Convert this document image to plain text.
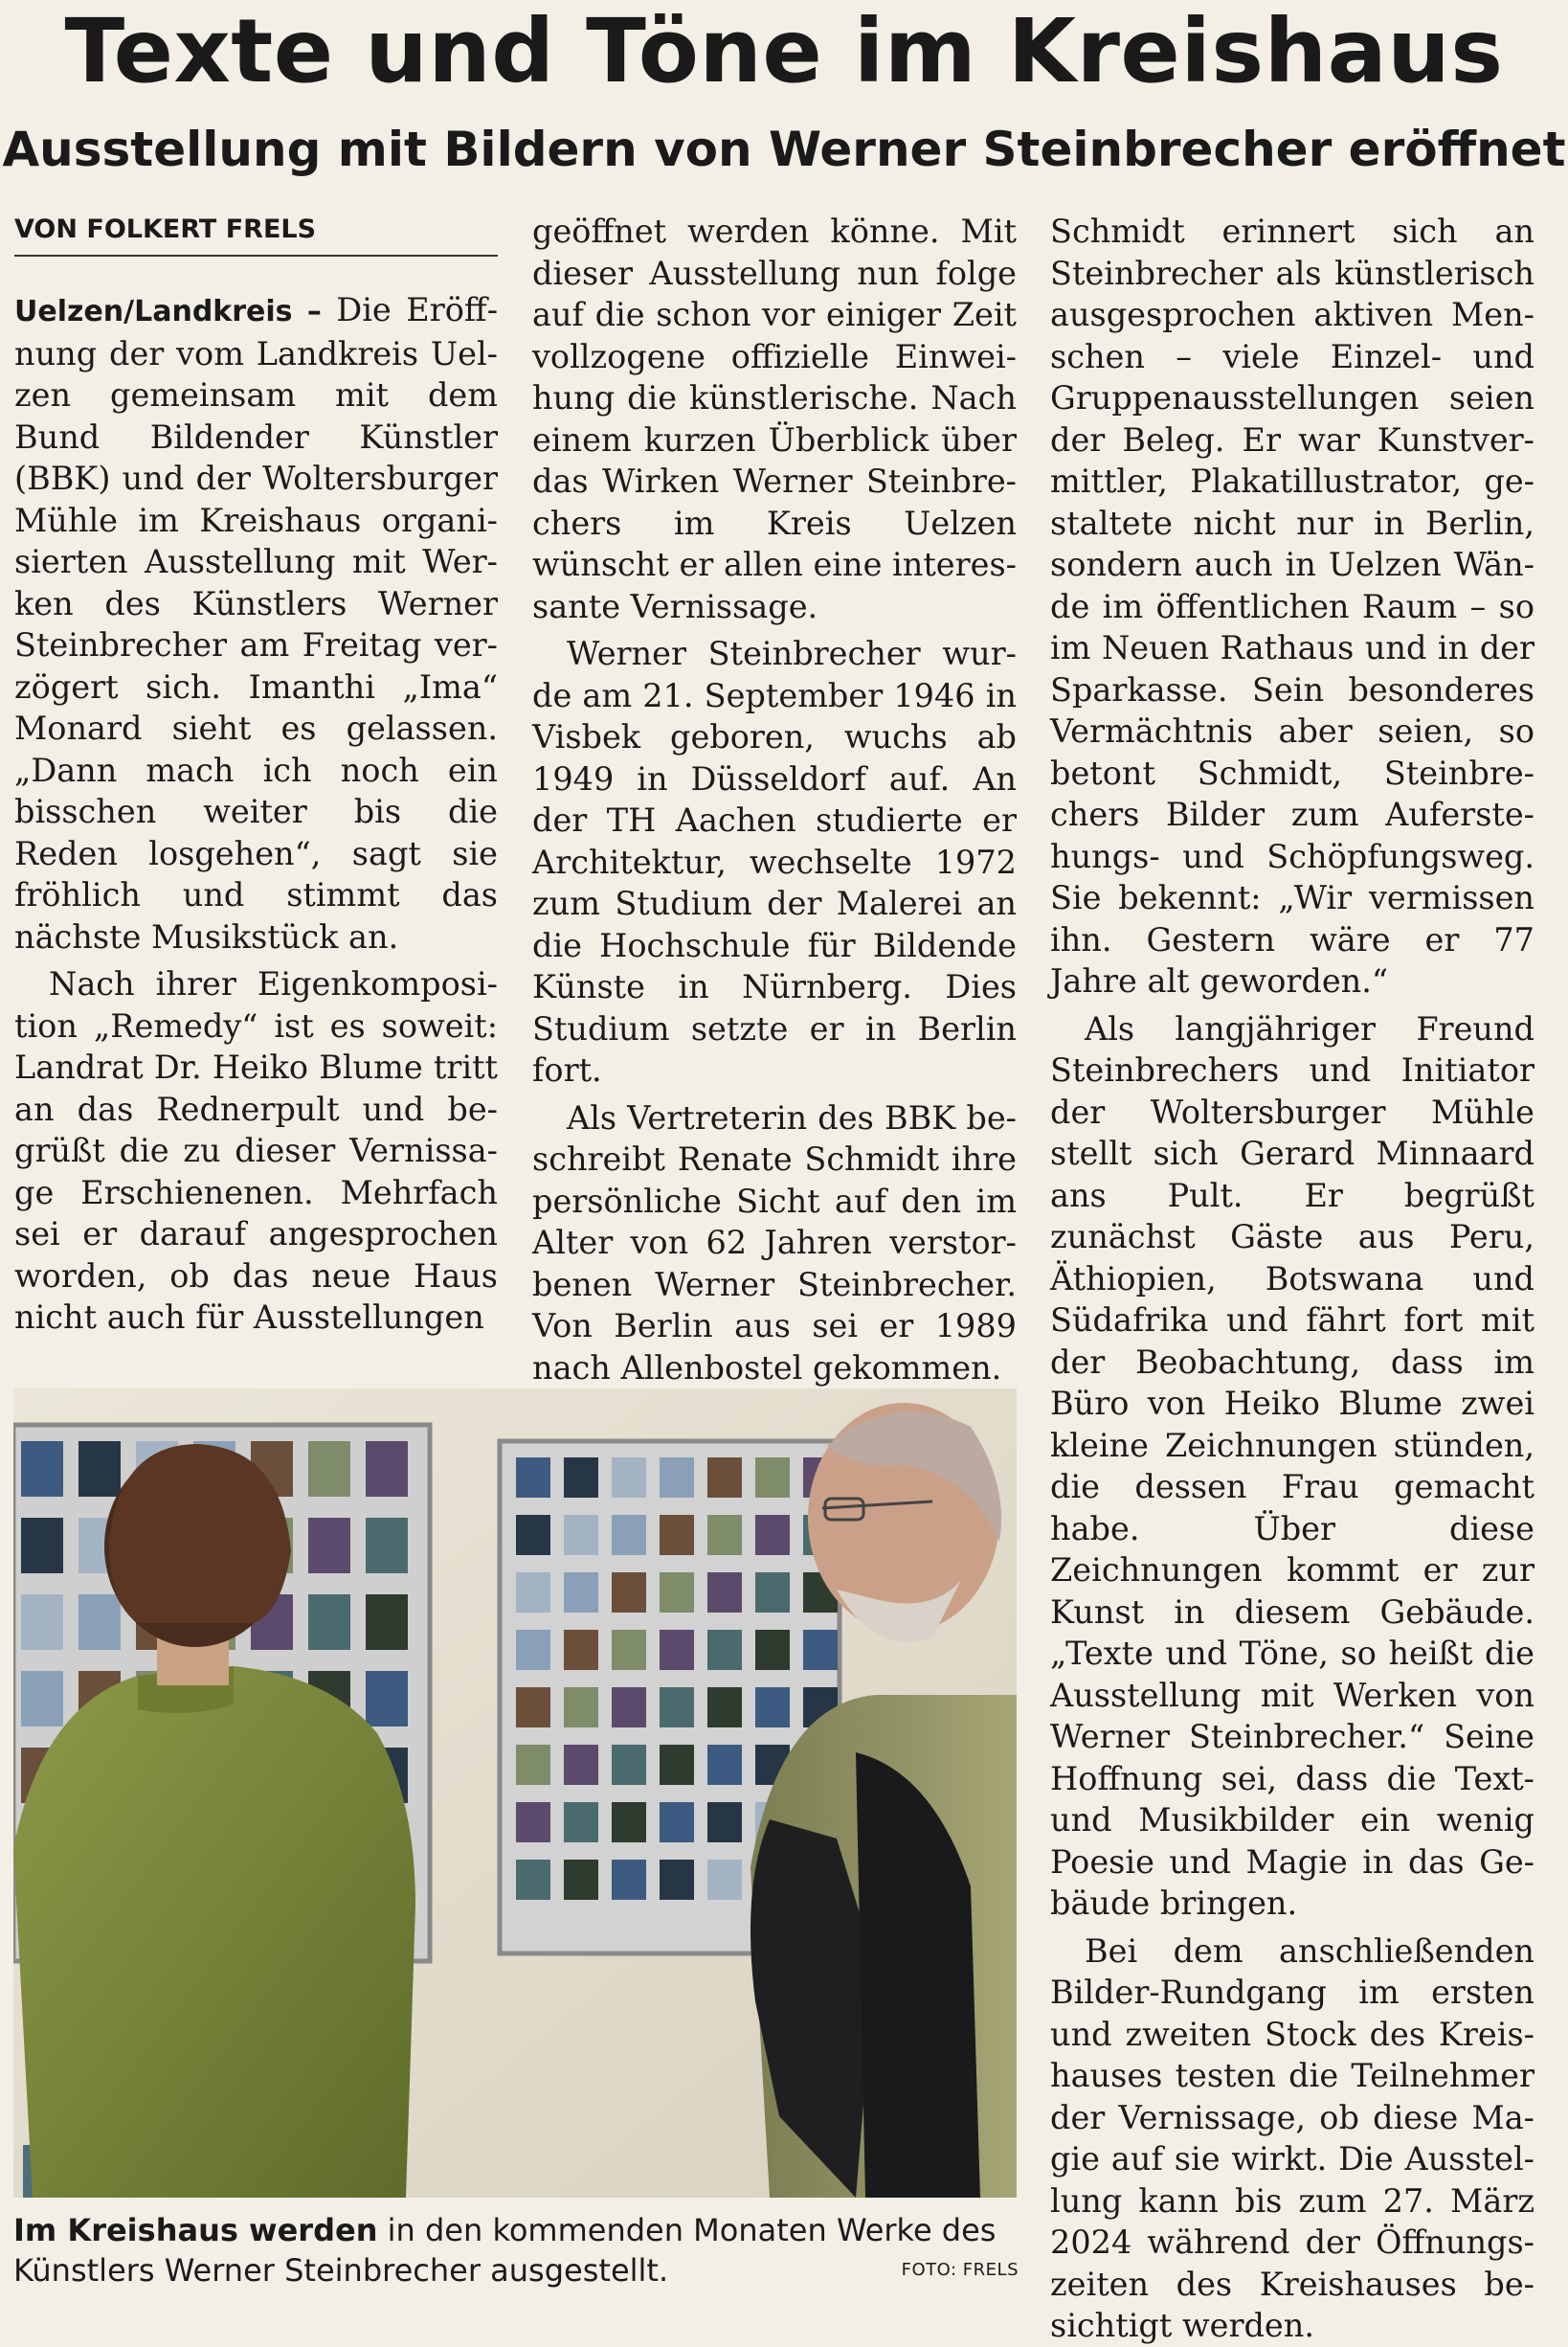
Texte und Töne im Kreishaus
Ausstellung mit Bildern von Werner Steinbrecher eröffnet
VON FOLKERT FRELS

Uelzen/Landkreis – Die Eröffnung der vom Landkreis Uelzen gemeinsam mit dem Bund Bildender Künstler (BBK) und der Woltersburger Mühle im Kreishaus organisierten Ausstellung mit Werken des Künstlers Werner Steinbrecher am Freitag verzögert sich. Imanthi „Ima“ Monard sieht es gelassen. „Dann mach ich noch ein bisschen weiter bis die Reden losgehen“, sagt sie fröhlich und stimmt das nächste Musikstück an.

Nach ihrer Eigenkomposition „Remedy“ ist es soweit: Landrat Dr. Heiko Blume tritt an das Rednerpult und begrüßt die zu dieser Vernissage Erschienenen. Mehrfach sei er darauf angesprochen worden, ob das neue Haus nicht auch für Ausstellungen

geöffnet werden könne. Mit dieser Ausstellung nun folge auf die schon vor einiger Zeit vollzogene offizielle Einweihung die künstlerische. Nach einem kurzen Überblick über das Wirken Werner Steinbrechers im Kreis Uelzen wünscht er allen eine interessante Vernissage.

Werner Steinbrecher wurde am 21. September 1946 in Visbek geboren, wuchs ab 1949 in Düsseldorf auf. An der TH Aachen studierte er Architektur, wechselte 1972 zum Studium der Malerei an die Hochschule für Bildende Künste in Nürnberg. Dies Studium setzte er in Berlin fort.

Als Vertreterin des BBK beschreibt Renate Schmidt ihre persönliche Sicht auf den im Alter von 62 Jahren verstorbenen Werner Steinbrecher. Von Berlin aus sei er 1989 nach Allenbostel gekommen.

Schmidt erinnert sich an Steinbrecher als künstlerisch ausgesprochen aktiven Menschen – viele Einzel- und Gruppenausstellungen seien der Beleg. Er war Kunstvermittler, Plakatillustrator, gestaltete nicht nur in Berlin, sondern auch in Uelzen Wände im öffentlichen Raum – so im Neuen Rathaus und in der Sparkasse. Sein besonderes Vermächtnis aber seien, so betont Schmidt, Steinbrechers Bilder zum Auferstehungs- und Schöpfungsweg. Sie bekennt: „Wir vermissen ihn. Gestern wäre er 77 Jahre alt geworden.“

Als langjähriger Freund Steinbrechers und Initiator der Woltersburger Mühle stellt sich Gerard Minnaard ans Pult. Er begrüßt zunächst Gäste aus Peru, Äthiopien, Botswana und Südafrika und fährt fort mit der Beobachtung, dass im Büro von Heiko Blume zwei kleine Zeichnungen stünden, die dessen Frau gemacht habe. Über diese Zeichnungen kommt er zur Kunst in diesem Gebäude. „Texte und Töne, so heißt die Ausstellung mit Werken von Werner Steinbrecher.“ Seine Hoffnung sei, dass die Text- und Musikbilder ein wenig Poesie und Magie in das Gebäude bringen.

Bei dem anschließenden Bilder-Rundgang im ersten und zweiten Stock des Kreishauses testen die Teilnehmer der Vernissage, ob diese Magie auf sie wirkt. Die Ausstellung kann bis zum 27. März 2024 während der Öffnungszeiten des Kreishauses besichtigt werden.

Im Kreishaus werden in den kommenden Monaten Werke des Künstlers Werner Steinbrecher ausgestellt.	FOTO: FRELS
